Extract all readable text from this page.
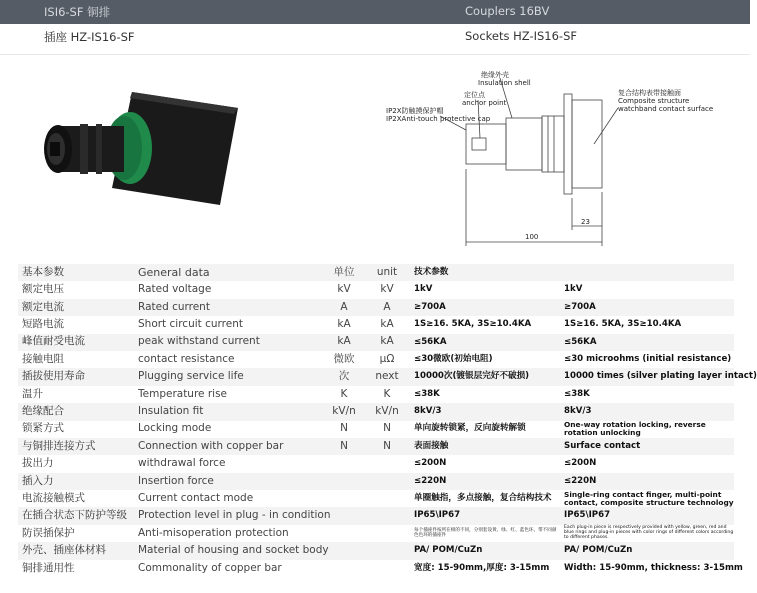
ISI6-SF 铜排	Couplers 16BV
插座 HZ-IS16-SF	Sockets HZ-IS16-SF
绝缘外壳
Insulation shell
定位点
anchor point
IP2X防触摸保护帽
IP2XAnti-touch protective cap
复合结构表带接触面
Composite structure
watchband contact surface
23
100
基本参数	General data	单位	unit	技术参数	
额定电压	Rated voltage	kV	kV	1kV	1kV
额定电流	Rated current	A	A	≥700A	≥700A
短路电流	Short circuit current	kA	kA	1S≥16. 5KA, 3S≥10.4KA	1S≥16. 5KA, 3S≥10.4KA
峰值耐受电流	peak withstand current	kA	kA	≤56KA	≤56KA
接触电阻	contact resistance	微欧	μΩ	≤30微欧(初始电阻)	≤30 microohms (initial resistance)
插拔使用寿命	Plugging service life	次	next	10000次(镀银层完好不破损)	10000 times (silver plating layer intact)
温升	Temperature rise	K	K	≤38K	≤38K
绝缘配合	Insulation fit	kV/n	kV/n	8kV/3	8kV/3
锁紧方式	Locking mode	N	N	单向旋转锁紧，反向旋转解锁	One-way rotation locking, reverse rotation unlocking
与铜排连接方式	Connection with copper bar	N	N	表面接触	Surface contact
拔出力	withdrawal force			≤200N	≤200N
插入力	Insertion force			≤220N	≤220N
电流接触模式	Current contact mode			单圈触指，多点接触，复合结构技术	Single-ring contact finger, multi-point contact, composite structure technology
在插合状态下防护等级	Protection level in plug - in condition			IP65\IP67	IP65\IP67
防误插保护	Anti-misoperation protection			每个插座件按所在相的不同，分别套设黄、绿、红、蓝色环，带不同颜色色环的插座件	Each plug-in piece is respectively provided with yellow, green, red and blue rings and plug-in pieces with color rings of different colors according to different phases.
外壳、插座体材料	Material of housing and socket body			PA/ POM/CuZn	PA/ POM/CuZn
铜排通用性	Commonality of copper bar			宽度: 15-90mm,厚度: 3-15mm	Width: 15-90mm, thickness: 3-15mm
